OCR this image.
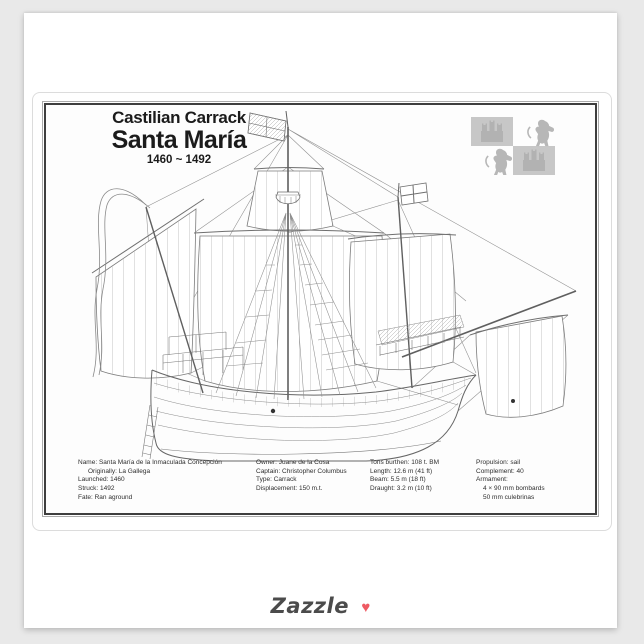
Castilian Carrack
Santa María
1460 ~ 1492
Name: Santa María de la Inmaculada Concepción
Originally: La Gallega
Launched: 1460
Struck: 1492
Fate: Ran aground
Owner: Juane de la Cosa
Captain: Christopher Columbus
Type: Carrack
Displacement: 150 m.t.
Tons burthen: 108 t. BM
Length: 12.6 m (41 ft)
Beam: 5.5 m (18 ft)
Draught: 3.2 m (10 ft)
Propulsion: sail
Complement: 40
Armament:
4 × 90 mm bombards
50 mm culebrinas
Zazzle ♥
